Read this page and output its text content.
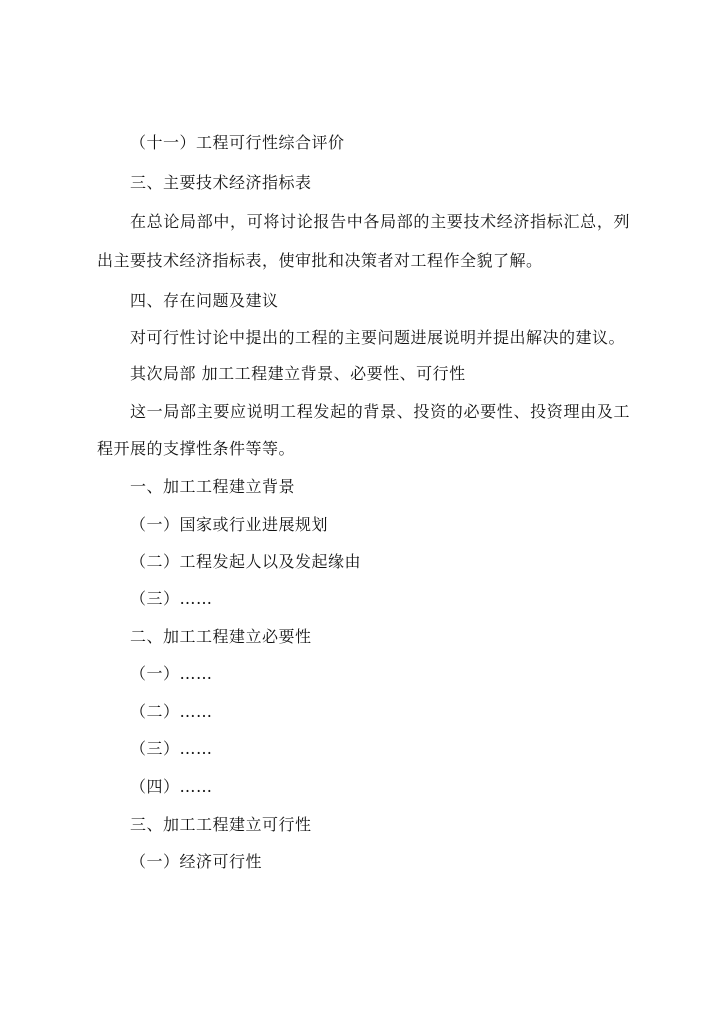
（十一）工程可行性综合评价
三、主要技术经济指标表
在总论局部中，可将讨论报告中各局部的主要技术经济指标汇总，列
出主要技术经济指标表，使审批和决策者对工程作全貌了解。
四、存在问题及建议
对可行性讨论中提出的工程的主要问题进展说明并提出解决的建议。
其次局部 加工工程建立背景、必要性、可行性
这一局部主要应说明工程发起的背景、投资的必要性、投资理由及工
程开展的支撑性条件等等。
一、加工工程建立背景
（一）国家或行业进展规划
（二）工程发起人以及发起缘由
（三）……
二、加工工程建立必要性
（一）……
（二）……
（三）……
（四）……
三、加工工程建立可行性
（一）经济可行性
